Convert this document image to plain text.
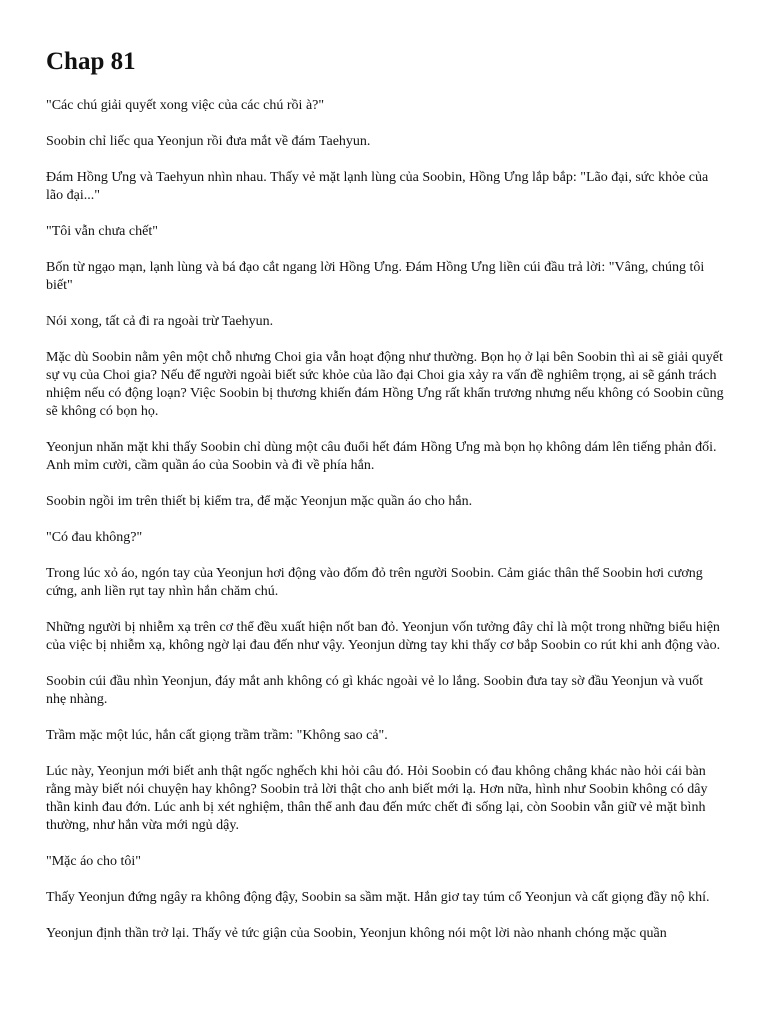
Chap 81

"Các chú giải quyết xong việc của các chú rồi à?"

Soobin chỉ liếc qua Yeonjun rồi đưa mắt về đám Taehyun.

Đám Hồng Ưng và Taehyun nhìn nhau. Thấy vẻ mặt lạnh lùng của Soobin, Hồng Ưng lắp bắp: "Lão đại, sức khỏe của lão đại..."

"Tôi vẫn chưa chết"

Bốn từ ngạo mạn, lạnh lùng và bá đạo cắt ngang lời Hồng Ưng. Đám Hồng Ưng liền cúi đầu trả lời: "Vâng, chúng tôi biết"

Nói xong, tất cả đi ra ngoài trừ Taehyun.

Mặc dù Soobin nằm yên một chỗ nhưng Choi gia vẫn hoạt động như thường. Bọn họ ở lại bên Soobin thì ai sẽ giải quyết sự vụ của Choi gia? Nếu để người ngoài biết sức khỏe của lão đại Choi gia xảy ra vấn đề nghiêm trọng, ai sẽ gánh trách nhiệm nếu có động loạn? Việc Soobin bị thương khiến đám Hồng Ưng rất khẩn trương nhưng nếu không có Soobin cũng sẽ không có bọn họ.

Yeonjun nhăn mặt khi thấy Soobin chỉ dùng một câu đuổi hết đám Hồng Ưng mà bọn họ không dám lên tiếng phản đối. Anh mỉm cười, cầm quần áo của Soobin và đi về phía hắn.

Soobin ngồi im trên thiết bị kiểm tra, để mặc Yeonjun mặc quần áo cho hắn.

"Có đau không?"

Trong lúc xỏ áo, ngón tay của Yeonjun hơi động vào đốm đỏ trên người Soobin. Cảm giác thân thể Soobin hơi cương cứng, anh liền rụt tay nhìn hắn chăm chú.

Những người bị nhiễm xạ trên cơ thể đều xuất hiện nốt ban đỏ. Yeonjun vốn tưởng đây chỉ là một trong những biểu hiện của việc bị nhiễm xạ, không ngờ lại đau đến như vậy. Yeonjun dừng tay khi thấy cơ bắp Soobin co rút khi anh động vào.

Soobin cúi đầu nhìn Yeonjun, đáy mắt anh không có gì khác ngoài vẻ lo lắng. Soobin đưa tay sờ đầu Yeonjun và vuốt nhẹ nhàng.

Trầm mặc một lúc, hắn cất giọng trầm trầm: "Không sao cả".

Lúc này, Yeonjun mới biết anh thật ngốc nghếch khi hỏi câu đó. Hỏi Soobin có đau không chẳng khác nào hỏi cái bàn rằng mày biết nói chuyện hay không? Soobin trả lời thật cho anh biết mới lạ. Hơn nữa, hình như Soobin không có dây thần kinh đau đớn. Lúc anh bị xét nghiệm, thân thể anh đau đến mức chết đi sống lại, còn Soobin vẫn giữ vẻ mặt bình thường, như hắn vừa mới ngủ dậy.

"Mặc áo cho tôi"

Thấy Yeonjun đứng ngây ra không động đậy, Soobin sa sầm mặt. Hắn giơ tay túm cổ Yeonjun và cất giọng đầy nộ khí.

Yeonjun định thần trở lại. Thấy vẻ tức giận của Soobin, Yeonjun không nói một lời nào nhanh chóng mặc quần
